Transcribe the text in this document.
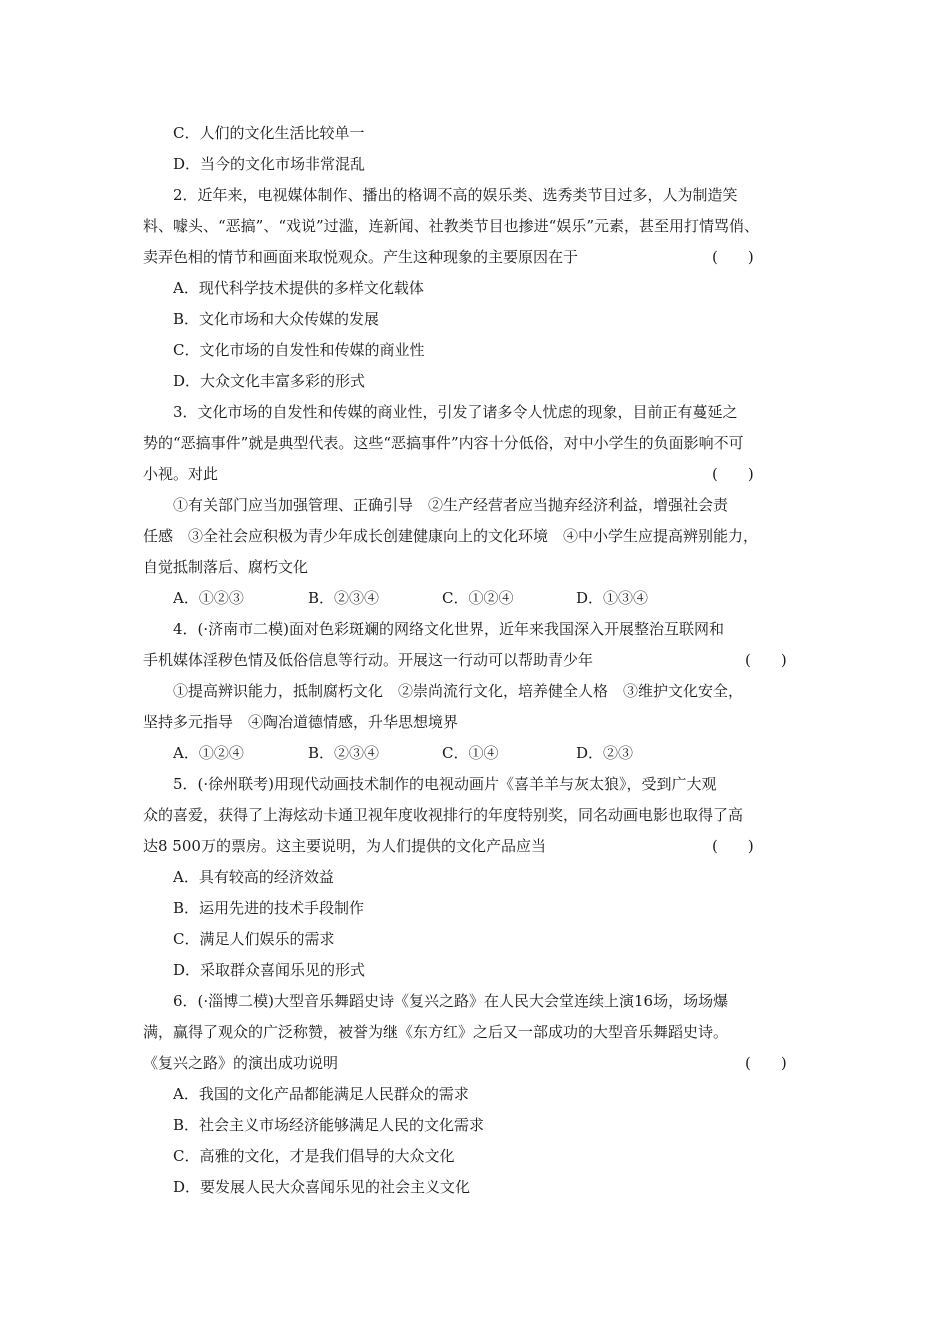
C．人们的文化生活比较单一
D．当今的文化市场非常混乱
2．近年来，电视媒体制作、播出的格调不高的娱乐类、选秀类节目过多，人为制造笑
料、噱头、“恶搞”、“戏说”过滥，连新闻、社教类节目也掺进“娱乐”元素，甚至用打情骂俏、
卖弄色相的情节和画面来取悦观众。产生这种现象的主要原因在于	(　　)
A．现代科学技术提供的多样文化载体
B．文化市场和大众传媒的发展
C．文化市场的自发性和传媒的商业性
D．大众文化丰富多彩的形式
3．文化市场的自发性和传媒的商业性，引发了诸多令人忧虑的现象，目前正有蔓延之
势的“恶搞事件”就是典型代表。这些“恶搞事件”内容十分低俗，对中小学生的负面影响不可
小视。对此	(　　)
①有关部门应当加强管理、正确引导　②生产经营者应当抛弃经济利益，增强社会责
任感　③全社会应积极为青少年成长创建健康向上的文化环境　④中小学生应提高辨别能力，
自觉抵制落后、腐朽文化
A．①②③	B．②③④	C．①②④	D．①③④
4．(·济南市二模)面对色彩斑斓的网络文化世界，近年来我国深入开展整治互联网和
手机媒体淫秽色情及低俗信息等行动。开展这一行动可以帮助青少年	(　　)
①提高辨识能力，抵制腐朽文化　②崇尚流行文化，培养健全人格　③维护文化安全，
坚持多元指导　④陶冶道德情感，升华思想境界
A．①②④	B．②③④	C．①④	D．②③
5．(·徐州联考)用现代动画技术制作的电视动画片《喜羊羊与灰太狼》，受到广大观
众的喜爱，获得了上海炫动卡通卫视年度收视排行的年度特别奖，同名动画电影也取得了高
达8 500万的票房。这主要说明，为人们提供的文化产品应当	(　　)
A．具有较高的经济效益
B．运用先进的技术手段制作
C．满足人们娱乐的需求
D．采取群众喜闻乐见的形式
6．(·淄博二模)大型音乐舞蹈史诗《复兴之路》在人民大会堂连续上演16场，场场爆
满，赢得了观众的广泛称赞，被誉为继《东方红》之后又一部成功的大型音乐舞蹈史诗。
《复兴之路》的演出成功说明	(　　)
A．我国的文化产品都能满足人民群众的需求
B．社会主义市场经济能够满足人民的文化需求
C．高雅的文化，才是我们倡导的大众文化
D．要发展人民大众喜闻乐见的社会主义文化
